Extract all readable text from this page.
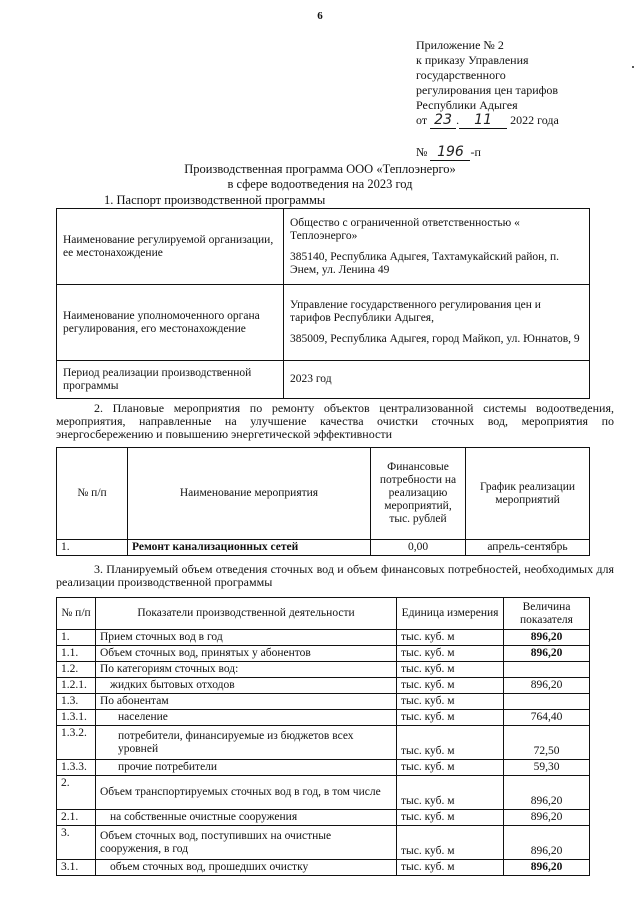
6
Приложение № 2
к приказу Управления
государственного
регулирования цен тарифов
Республики Адыгея
от 23 . 11 2022 года
№ 196 -п
Производственная программа ООО «Теплоэнерго»
в сфере водоотведения на 2023 год
1. Паспорт производственной программы
Наименование регулируемой организации, ее местонахождение	Общество с ограниченной ответственностью « Теплоэнерго»
385140, Республика Адыгея, Тахтамукайский район, п. Энем, ул. Ленина 49

Наименование уполномоченного органа регулирования, его местонахождение	Управление государственного регулирования цен и тарифов Республики Адыгея,
385009, Республика Адыгея, город Майкоп, ул. Юннатов, 9

Период реализации производственной программы	2023 год
2. Плановые мероприятия по ремонту объектов централизованной системы водоотведения, мероприятия, направленные на улучшение качества очистки сточных вод, мероприятия по энергосбережению и повышению энергетической эффективности
№ п/п	Наименование мероприятия	Финансовые потребности на реализацию мероприятий, тыс. рублей	График реализации мероприятий
1.	Ремонт канализационных сетей	0,00	апрель-сентябрь
3. Планируемый объем отведения сточных вод и объем финансовых потребностей, необходимых для реализации производственной программы
№ п/п	Показатели производственной деятельности	Единица измерения	Величина показателя
1.	Прием сточных вод в год	тыс. куб. м	896,20
1.1.	Объем сточных вод, принятых у абонентов	тыс. куб. м	896,20
1.2.	По категориям сточных вод:	тыс. куб. м	
1.2.1.	жидких бытовых отходов	тыс. куб. м	896,20
1.3.	По абонентам	тыс. куб. м	
1.3.1.	население	тыс. куб. м	764,40
1.3.2.	потребители, финансируемые из бюджетов всех уровней	тыс. куб. м	72,50
1.3.3.	прочие потребители	тыс. куб. м	59,30
2.	Объем транспортируемых сточных вод в год, в том числе	тыс. куб. м	896,20
2.1.	на собственные очистные сооружения	тыс. куб. м	896,20
3.	Объем сточных вод, поступивших на очистные сооружения, в год	тыс. куб. м	896,20
3.1.	объем сточных вод, прошедших очистку	тыс. куб. м	896,20
